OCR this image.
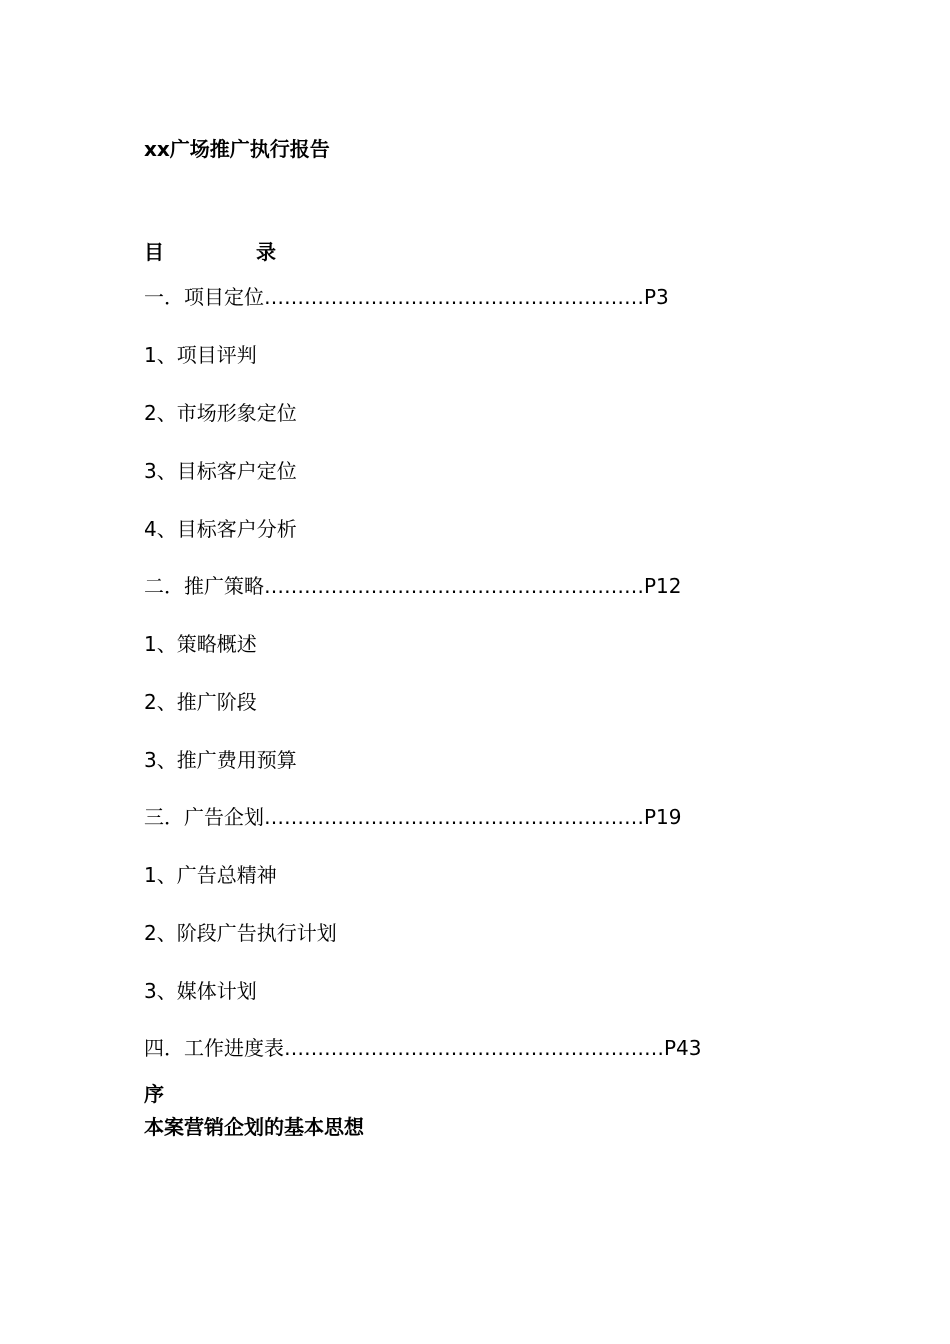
xx广场推广执行报告
目	录
一．项目定位…………………………………………………P3
1、项目评判
2、市场形象定位
3、目标客户定位
4、目标客户分析
二．推广策略…………………………………………………P12
1、策略概述
2、推广阶段
3、推广费用预算
三．广告企划…………………………………………………P19
1、广告总精神
2、阶段广告执行计划
3、媒体计划
四．工作进度表…………………………………………………P43
序
本案营销企划的基本思想
